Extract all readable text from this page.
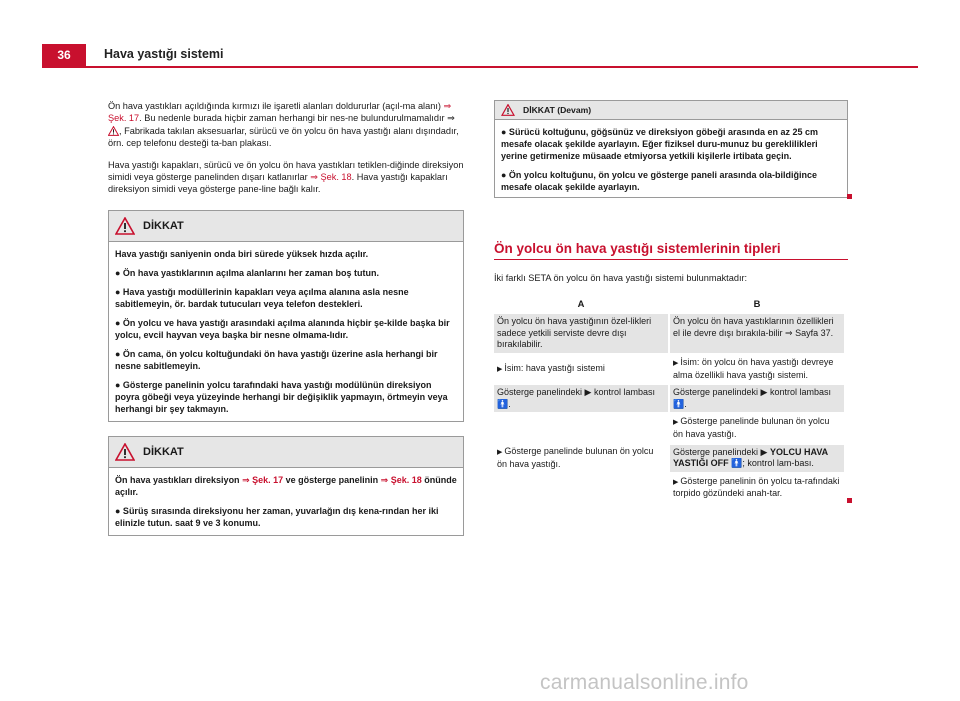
36	Hava yastığı sistemi

Ön hava yastıkları açıldığında kırmızı ile işaretli alanları doldururlar (açıl-ma alanı) ⇒ Şek. 17. Bu nedenle burada hiçbir zaman herhangi bir nes-ne bulundurulmamalıdır ⇒ , Fabrikada takılan aksesuarlar, sürücü ve ön yolcu ön hava yastığı alanı dışındadır, örn. cep telefonu desteği ta-ban plakası.

Hava yastığı kapakları, sürücü ve ön yolcu ön hava yastıkları tetiklen-diğinde direksiyon simidi veya gösterge panelinden dışarı katlanırlar ⇒ Şek. 18. Hava yastığı kapakları direksiyon simidi veya gösterge pane-line bağlı kalır.

DİKKAT

Hava yastığı saniyenin onda biri sürede yüksek hızda açılır.

● Ön hava yastıklarının açılma alanlarını her zaman boş tutun.

● Hava yastığı modüllerinin kapakları veya açılma alanına asla nesne sabitlemeyin, ör. bardak tutucuları veya telefon destekleri.

● Ön yolcu ve hava yastığı arasındaki açılma alanında hiçbir şe-kilde başka bir yolcu, evcil hayvan veya başka bir nesne olmama-lıdır.

● Ön cama, ön yolcu koltuğundaki ön hava yastığı üzerine asla herhangi bir nesne sabitlemeyin.

● Gösterge panelinin yolcu tarafındaki hava yastığı modülünün direksiyon poyra göbeği veya yüzeyinde herhangi bir değişiklik yapmayın, örtmeyin veya herhangi bir şey takmayın.

DİKKAT

Ön hava yastıkları direksiyon ⇒ Şek. 17 ve gösterge panelinin ⇒ Şek. 18 önünde açılır.

● Sürüş sırasında direksiyonu her zaman, yuvarlağın dış kena-rından her iki elinizle tutun. saat 9 ve 3 konumu.

DİKKAT (Devam)

● Sürücü koltuğunu, göğsünüz ve direksiyon göbeği arasında en az 25 cm mesafe olacak şekilde ayarlayın. Eğer fiziksel duru-munuz bu gereklilikleri yerine getirmenize müsaade etmiyorsa yetkili kişilerle irtibata geçin.

● Ön yolcu koltuğunu, ön yolcu ve gösterge paneli arasında ola-bildiğince mesafe olacak şekilde ayarlayın.

Ön yolcu ön hava yastığı sistemlerinin tipleri

İki farklı SETA ön yolcu ön hava yastığı sistemi bulunmaktadır:

A	B
Ön yolcu ön hava yastığının özel-likleri sadece yetkili serviste devre dışı bırakılabilir.	Ön yolcu ön hava yastıklarının özellikleri el ile devre dışı bırakıla-bilir ⇒ Sayfa 37.
▶ İsim: hava yastığı sistemi	▶ İsim: ön yolcu ön hava yastığı devreye alma özellikli hava yastığı sistemi.
Gösterge panelindeki ▶ kontrol lambası 🚹.	Gösterge panelindeki ▶ kontrol lambası 🚹.
▶ Gösterge panelinde bulunan ön yolcu ön hava yastığı.	▶ Gösterge panelinde bulunan ön yolcu ön hava yastığı.
	Gösterge panelindeki ▶ YOLCU HAVA YASTIĞI OFF 🚹; kontrol lam-bası.
	▶ Gösterge panelinin ön yolcu ta-rafındaki torpido gözündeki anah-tar.
carmanualsonline.info
